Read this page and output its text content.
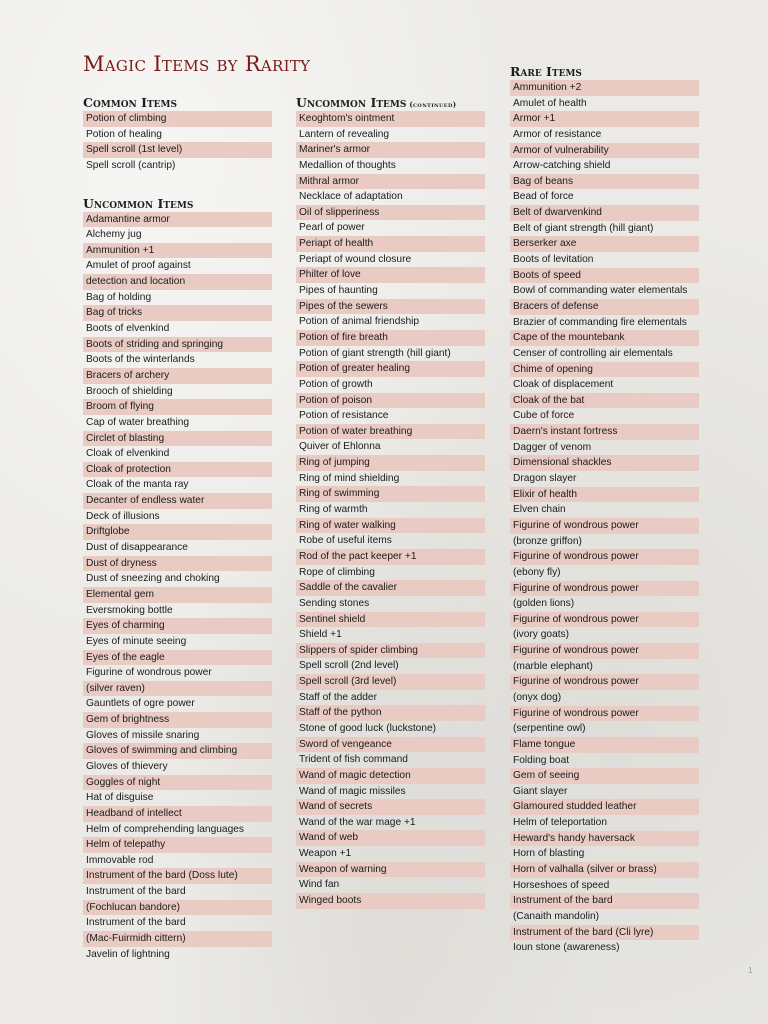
Magic Items by Rarity
Common Items
Potion of climbing
Potion of healing
Spell scroll (1st level)
Spell scroll (cantrip)
Uncommon Items
Adamantine armor
Alchemy jug
Ammunition +1
Amulet of proof against
detection and location
Bag of holding
Bag of tricks
Boots of elvenkind
Boots of striding and springing
Boots of the winterlands
Bracers of archery
Brooch of shielding
Broom of flying
Cap of water breathing
Circlet of blasting
Cloak of elvenkind
Cloak of protection
Cloak of the manta ray
Decanter of endless water
Deck of illusions
Driftglobe
Dust of disappearance
Dust of dryness
Dust of sneezing and choking
Elemental gem
Eversmoking bottle
Eyes of charming
Eyes of minute seeing
Eyes of the eagle
Figurine of wondrous power
(silver raven)
Gauntlets of ogre power
Gem of brightness
Gloves of missile snaring
Gloves of swimming and climbing
Gloves of thievery
Goggles of night
Hat of disguise
Headband of intellect
Helm of comprehending languages
Helm of telepathy
Immovable rod
Instrument of the bard (Doss lute)
Instrument of the bard
(Fochlucan bandore)
Instrument of the bard
(Mac-Fuirmidh cittern)
Javelin of lightning
Uncommon Items (continued)
Keoghtom's ointment
Lantern of revealing
Mariner's armor
Medallion of thoughts
Mithral armor
Necklace of adaptation
Oil of slipperiness
Pearl of power
Periapt of health
Periapt of wound closure
Philter of love
Pipes of haunting
Pipes of the sewers
Potion of animal friendship
Potion of fire breath
Potion of giant strength (hill giant)
Potion of greater healing
Potion of growth
Potion of poison
Potion of resistance
Potion of water breathing
Quiver of Ehlonna
Ring of jumping
Ring of mind shielding
Ring of swimming
Ring of warmth
Ring of water walking
Robe of useful items
Rod of the pact keeper +1
Rope of climbing
Saddle of the cavalier
Sending stones
Sentinel shield
Shield +1
Slippers of spider climbing
Spell scroll (2nd level)
Spell scroll (3rd level)
Staff of the adder
Staff of the python
Stone of good luck (luckstone)
Sword of vengeance
Trident of fish command
Wand of magic detection
Wand of magic missiles
Wand of secrets
Wand of the war mage +1
Wand of web
Weapon +1
Weapon of warning
Wind fan
Winged boots
Rare Items
Ammunition +2
Amulet of health
Armor +1
Armor of resistance
Armor of vulnerability
Arrow-catching shield
Bag of beans
Bead of force
Belt of dwarvenkind
Belt of giant strength (hill giant)
Berserker axe
Boots of levitation
Boots of speed
Bowl of commanding water elementals
Bracers of defense
Brazier of commanding fire elementals
Cape of the mountebank
Censer of controlling air elementals
Chime of opening
Cloak of displacement
Cloak of the bat
Cube of force
Daern's instant fortress
Dagger of venom
Dimensional shackles
Dragon slayer
Elixir of health
Elven chain
Figurine of wondrous power
(bronze griffon)
Figurine of wondrous power
(ebony fly)
Figurine of wondrous power
(golden lions)
Figurine of wondrous power
(ivory goats)
Figurine of wondrous power
(marble elephant)
Figurine of wondrous power
(onyx dog)
Figurine of wondrous power
(serpentine owl)
Flame tongue
Folding boat
Gem of seeing
Giant slayer
Glamoured studded leather
Helm of teleportation
Heward's handy haversack
Horn of blasting
Horn of valhalla (silver or brass)
Horseshoes of speed
Instrument of the bard
(Canaith mandolin)
Instrument of the bard (Cli lyre)
Ioun stone (awareness)
1
